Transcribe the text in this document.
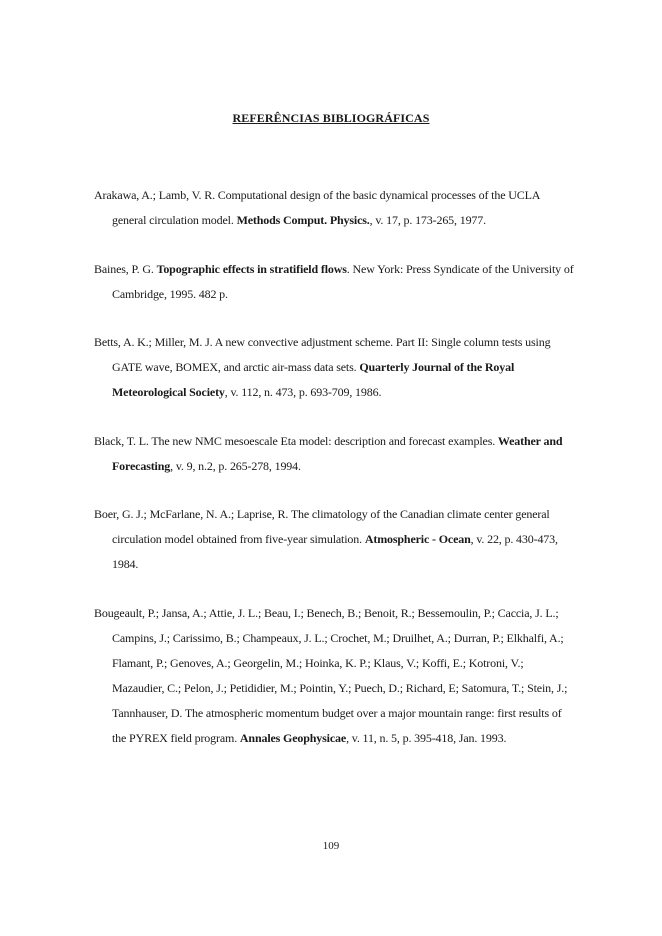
REFERÊNCIAS BIBLIOGRÁFICAS

Arakawa, A.; Lamb, V. R. Computational design of the basic dynamical processes of the UCLA general circulation model. Methods Comput. Physics., v. 17, p. 173-265, 1977.

Baines, P. G. Topographic effects in stratifield flows. New York: Press Syndicate of the University of Cambridge, 1995. 482 p.

Betts, A. K.; Miller, M. J. A new convective adjustment scheme. Part II: Single column tests using GATE wave, BOMEX, and arctic air-mass data sets. Quarterly Journal of the Royal Meteorological Society, v. 112, n. 473, p. 693-709, 1986.

Black, T. L. The new NMC mesoescale Eta model: description and forecast examples. Weather and Forecasting, v. 9, n.2, p. 265-278, 1994.

Boer, G. J.; McFarlane, N. A.; Laprise, R. The climatology of the Canadian climate center general circulation model obtained from five-year simulation. Atmospheric - Ocean, v. 22, p. 430-473, 1984.

Bougeault, P.; Jansa, A.; Attie, J. L.; Beau, I.; Benech, B.; Benoit, R.; Bessemoulin, P.; Caccia, J. L.; Campins, J.; Carissimo, B.; Champeaux, J. L.; Crochet, M.; Druilhet, A.; Durran, P.; Elkhalfi, A.; Flamant, P.; Genoves, A.; Georgelin, M.; Hoinka, K. P.; Klaus, V.; Koffi, E.; Kotroni, V.; Mazaudier, C.; Pelon, J.; Petididier, M.; Pointin, Y.; Puech, D.; Richard, E; Satomura, T.; Stein, J.; Tannhauser, D. The atmospheric momentum budget over a major mountain range: first results of the PYREX field program. Annales Geophysicae, v. 11, n. 5, p. 395-418, Jan. 1993.

109
